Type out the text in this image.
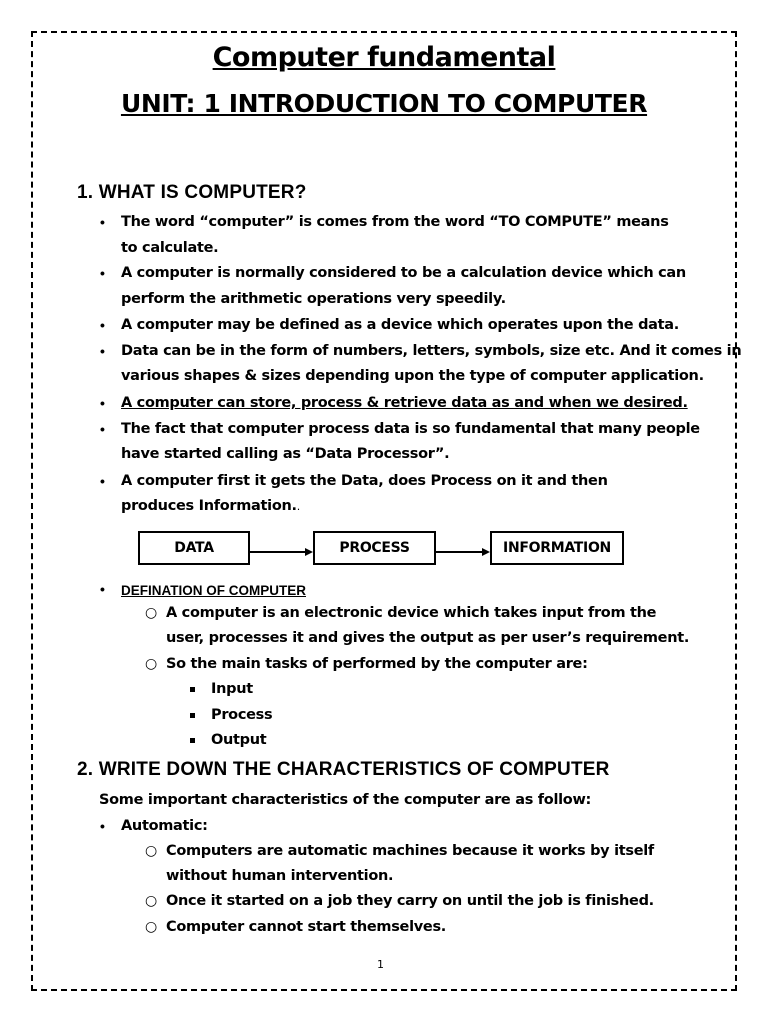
Computer fundamental
UNIT: 1 INTRODUCTION TO COMPUTER
1. WHAT IS COMPUTER?
• The word “computer” is comes from the word “TO COMPUTE” means
to calculate.
• A computer is normally considered to be a calculation device which can
perform the arithmetic operations very speedily.
• A computer may be defined as a device which operates upon the data.
• Data can be in the form of numbers, letters, symbols, size etc. And it comes in
various shapes & sizes depending upon the type of computer application.
• A computer can store, process & retrieve data as and when we desired.
• The fact that computer process data is so fundamental that many people
have started calling as “Data Processor”.
• A computer first it gets the Data, does Process on it and then
produces Information..
DATA	PROCESS	INFORMATION
• DEFINATION OF COMPUTER
○ A computer is an electronic device which takes input from the
user, processes it and gives the output as per user’s requirement.
○ So the main tasks of performed by the computer are:
Input
Process
Output
2. WRITE DOWN THE CHARACTERISTICS OF COMPUTER
Some important characteristics of the computer are as follow:
• Automatic:
○ Computers are automatic machines because it works by itself
without human intervention.
○ Once it started on a job they carry on until the job is finished.
○ Computer cannot start themselves.
1
